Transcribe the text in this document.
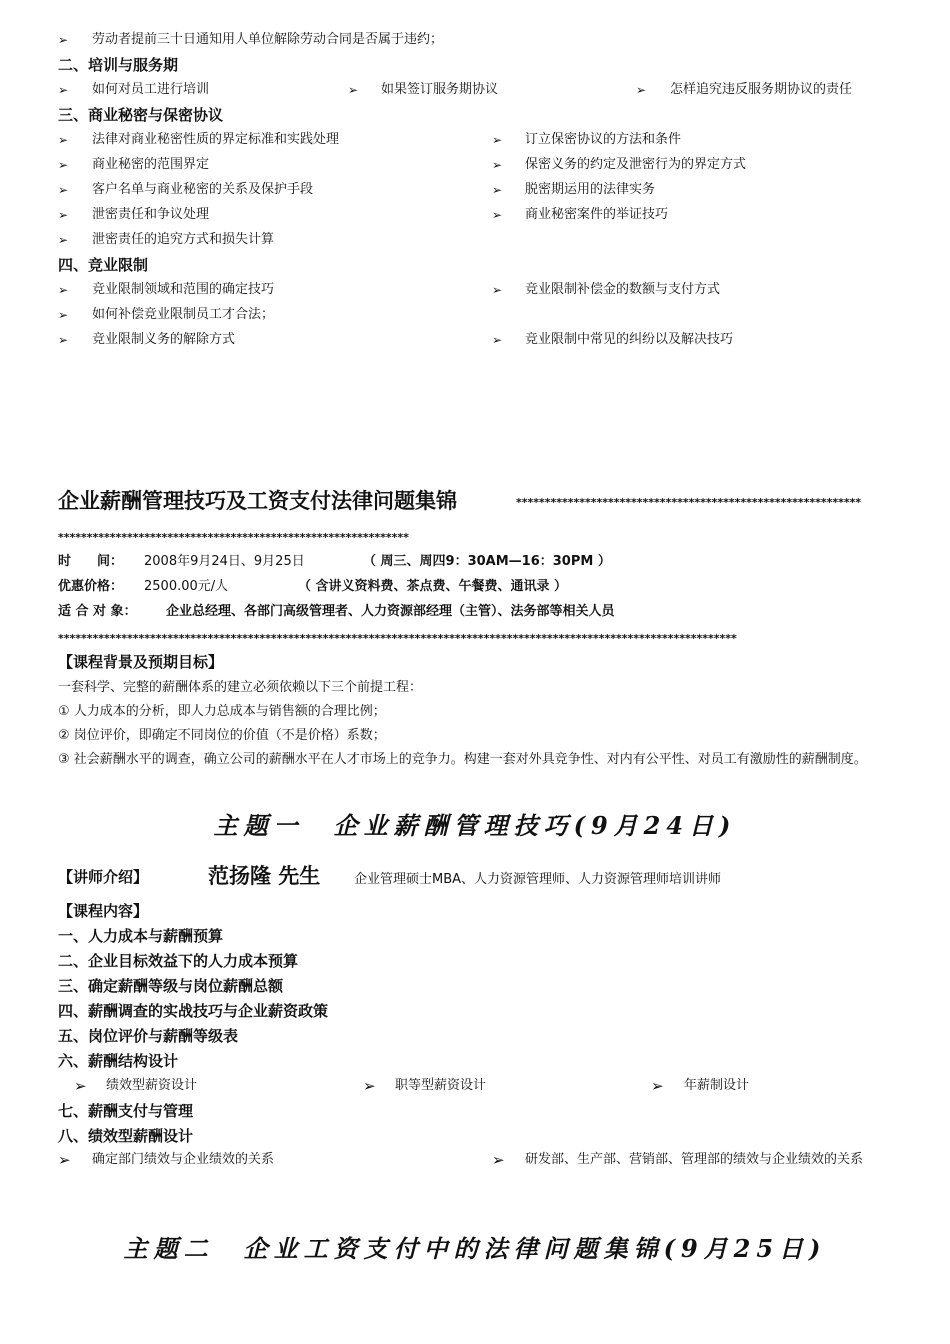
➢ 劳动者提前三十日通知用人单位解除劳动合同是否属于违约；
二、培训与服务期
➢ 如何对员工进行培训	➢ 如果签订服务期协议	➢ 怎样追究违反服务期协议的责任
三、商业秘密与保密协议
➢ 法律对商业秘密性质的界定标准和实践处理	➢ 订立保密协议的方法和条件
➢ 商业秘密的范围界定	➢ 保密义务的约定及泄密行为的界定方式
➢ 客户名单与商业秘密的关系及保护手段	➢ 脱密期运用的法律实务
➢ 泄密责任和争议处理	➢ 商业秘密案件的举证技巧
➢ 泄密责任的追究方式和损失计算
四、竞业限制
➢ 竞业限制领域和范围的确定技巧	➢ 竞业限制补偿金的数额与支付方式
➢ 如何补偿竞业限制员工才合法；
➢ 竞业限制义务的解除方式	➢ 竞业限制中常见的纠纷以及解决技巧
企业薪酬管理技巧及工资支付法律问题集锦	************************************************************
*************************************************************
时　　间： 2008年9月24日、9月25日	（ 周三、周四9：30AM—16：30PM ）
优惠价格： 2500.00元/人	（ 含讲义资料费、茶点费、午餐费、通讯录 ）
适 合 对 象： 企业总经理、各部门高级管理者、人力资源部经理（主管）、法务部等相关人员
**********************************************************************************************************************
【课程背景及预期目标】
一套科学、完整的薪酬体系的建立必须依赖以下三个前提工程：
① 人力成本的分析，即人力总成本与销售额的合理比例；
② 岗位评价，即确定不同岗位的价值（不是价格）系数；
③ 社会薪酬水平的调查，确立公司的薪酬水平在人才市场上的竞争力。构建一套对外具竞争性、对内有公平性、对员工有激励性的薪酬制度。
主题一　企业薪酬管理技巧(9月24日)
【讲师介绍】	范扬隆 先生	企业管理硕士MBA、人力资源管理师、人力资源管理师培训讲师
【课程内容】
一、人力成本与薪酬预算
二、企业目标效益下的人力成本预算
三、确定薪酬等级与岗位薪酬总额
四、薪酬调查的实战技巧与企业薪资政策
五、岗位评价与薪酬等级表
六、薪酬结构设计
➢ 绩效型薪资设计	➢ 职等型薪资设计	➢ 年薪制设计
七、薪酬支付与管理
八、绩效型薪酬设计
➢ 确定部门绩效与企业绩效的关系	➢ 研发部、生产部、营销部、管理部的绩效与企业绩效的关系
主题二　企业工资支付中的法律问题集锦(9月25日)
